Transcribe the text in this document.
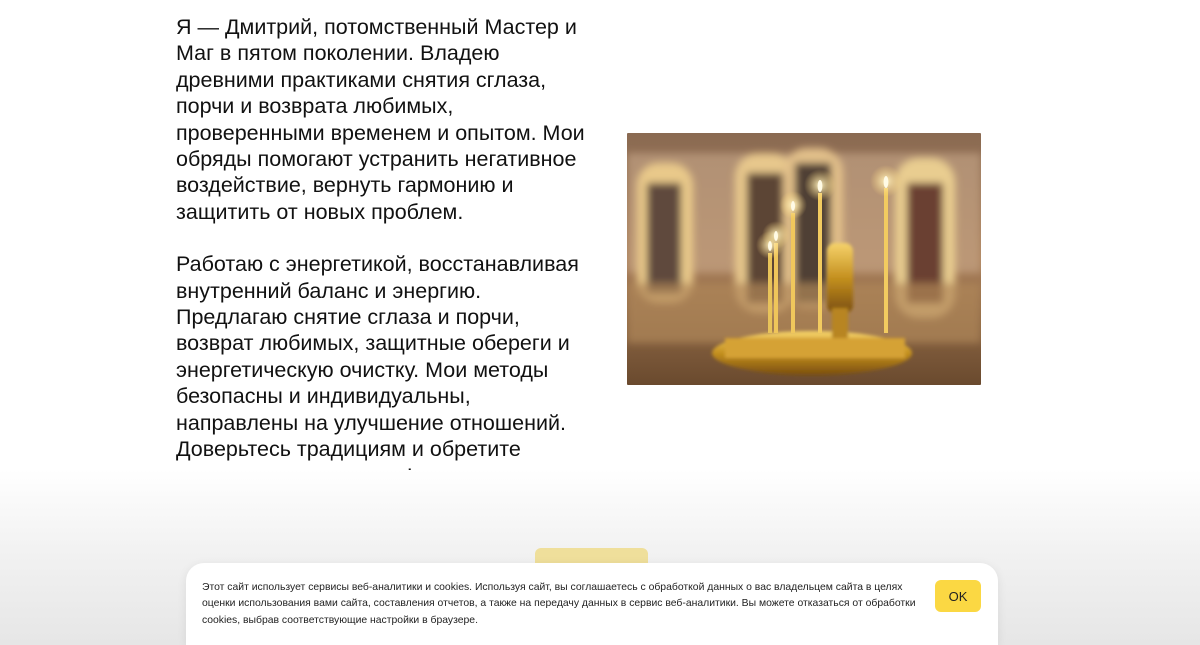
Я — Дмитрий, потомственный Мастер и Маг в пятом поколении. Владею древними практиками снятия сглаза, порчи и возврата любимых, проверенными временем и опытом. Мои обряды помогают устранить негативное воздействие, вернуть гармонию и защитить от новых проблем.

Работаю с энергетикой, восстанавливая внутренний баланс и энергию. Предлагаю снятие сглаза и порчи, возврат любимых, защитные обереги и энергетическую очистку. Мои методы безопасны и индивидуальны, направлены на улучшение отношений. Доверьтесь традициям и обретите

Этот сайт использует сервисы веб-аналитики и cookies. Используя сайт, вы соглашаетесь с обработкой данных о вас владельцем сайта в целях оценки использования вами сайта, составления отчетов, а также на передачу данных в сервис веб-аналитики. Вы можете отказаться от обработки cookies, выбрав соответствующие настройки в браузере.
OK
